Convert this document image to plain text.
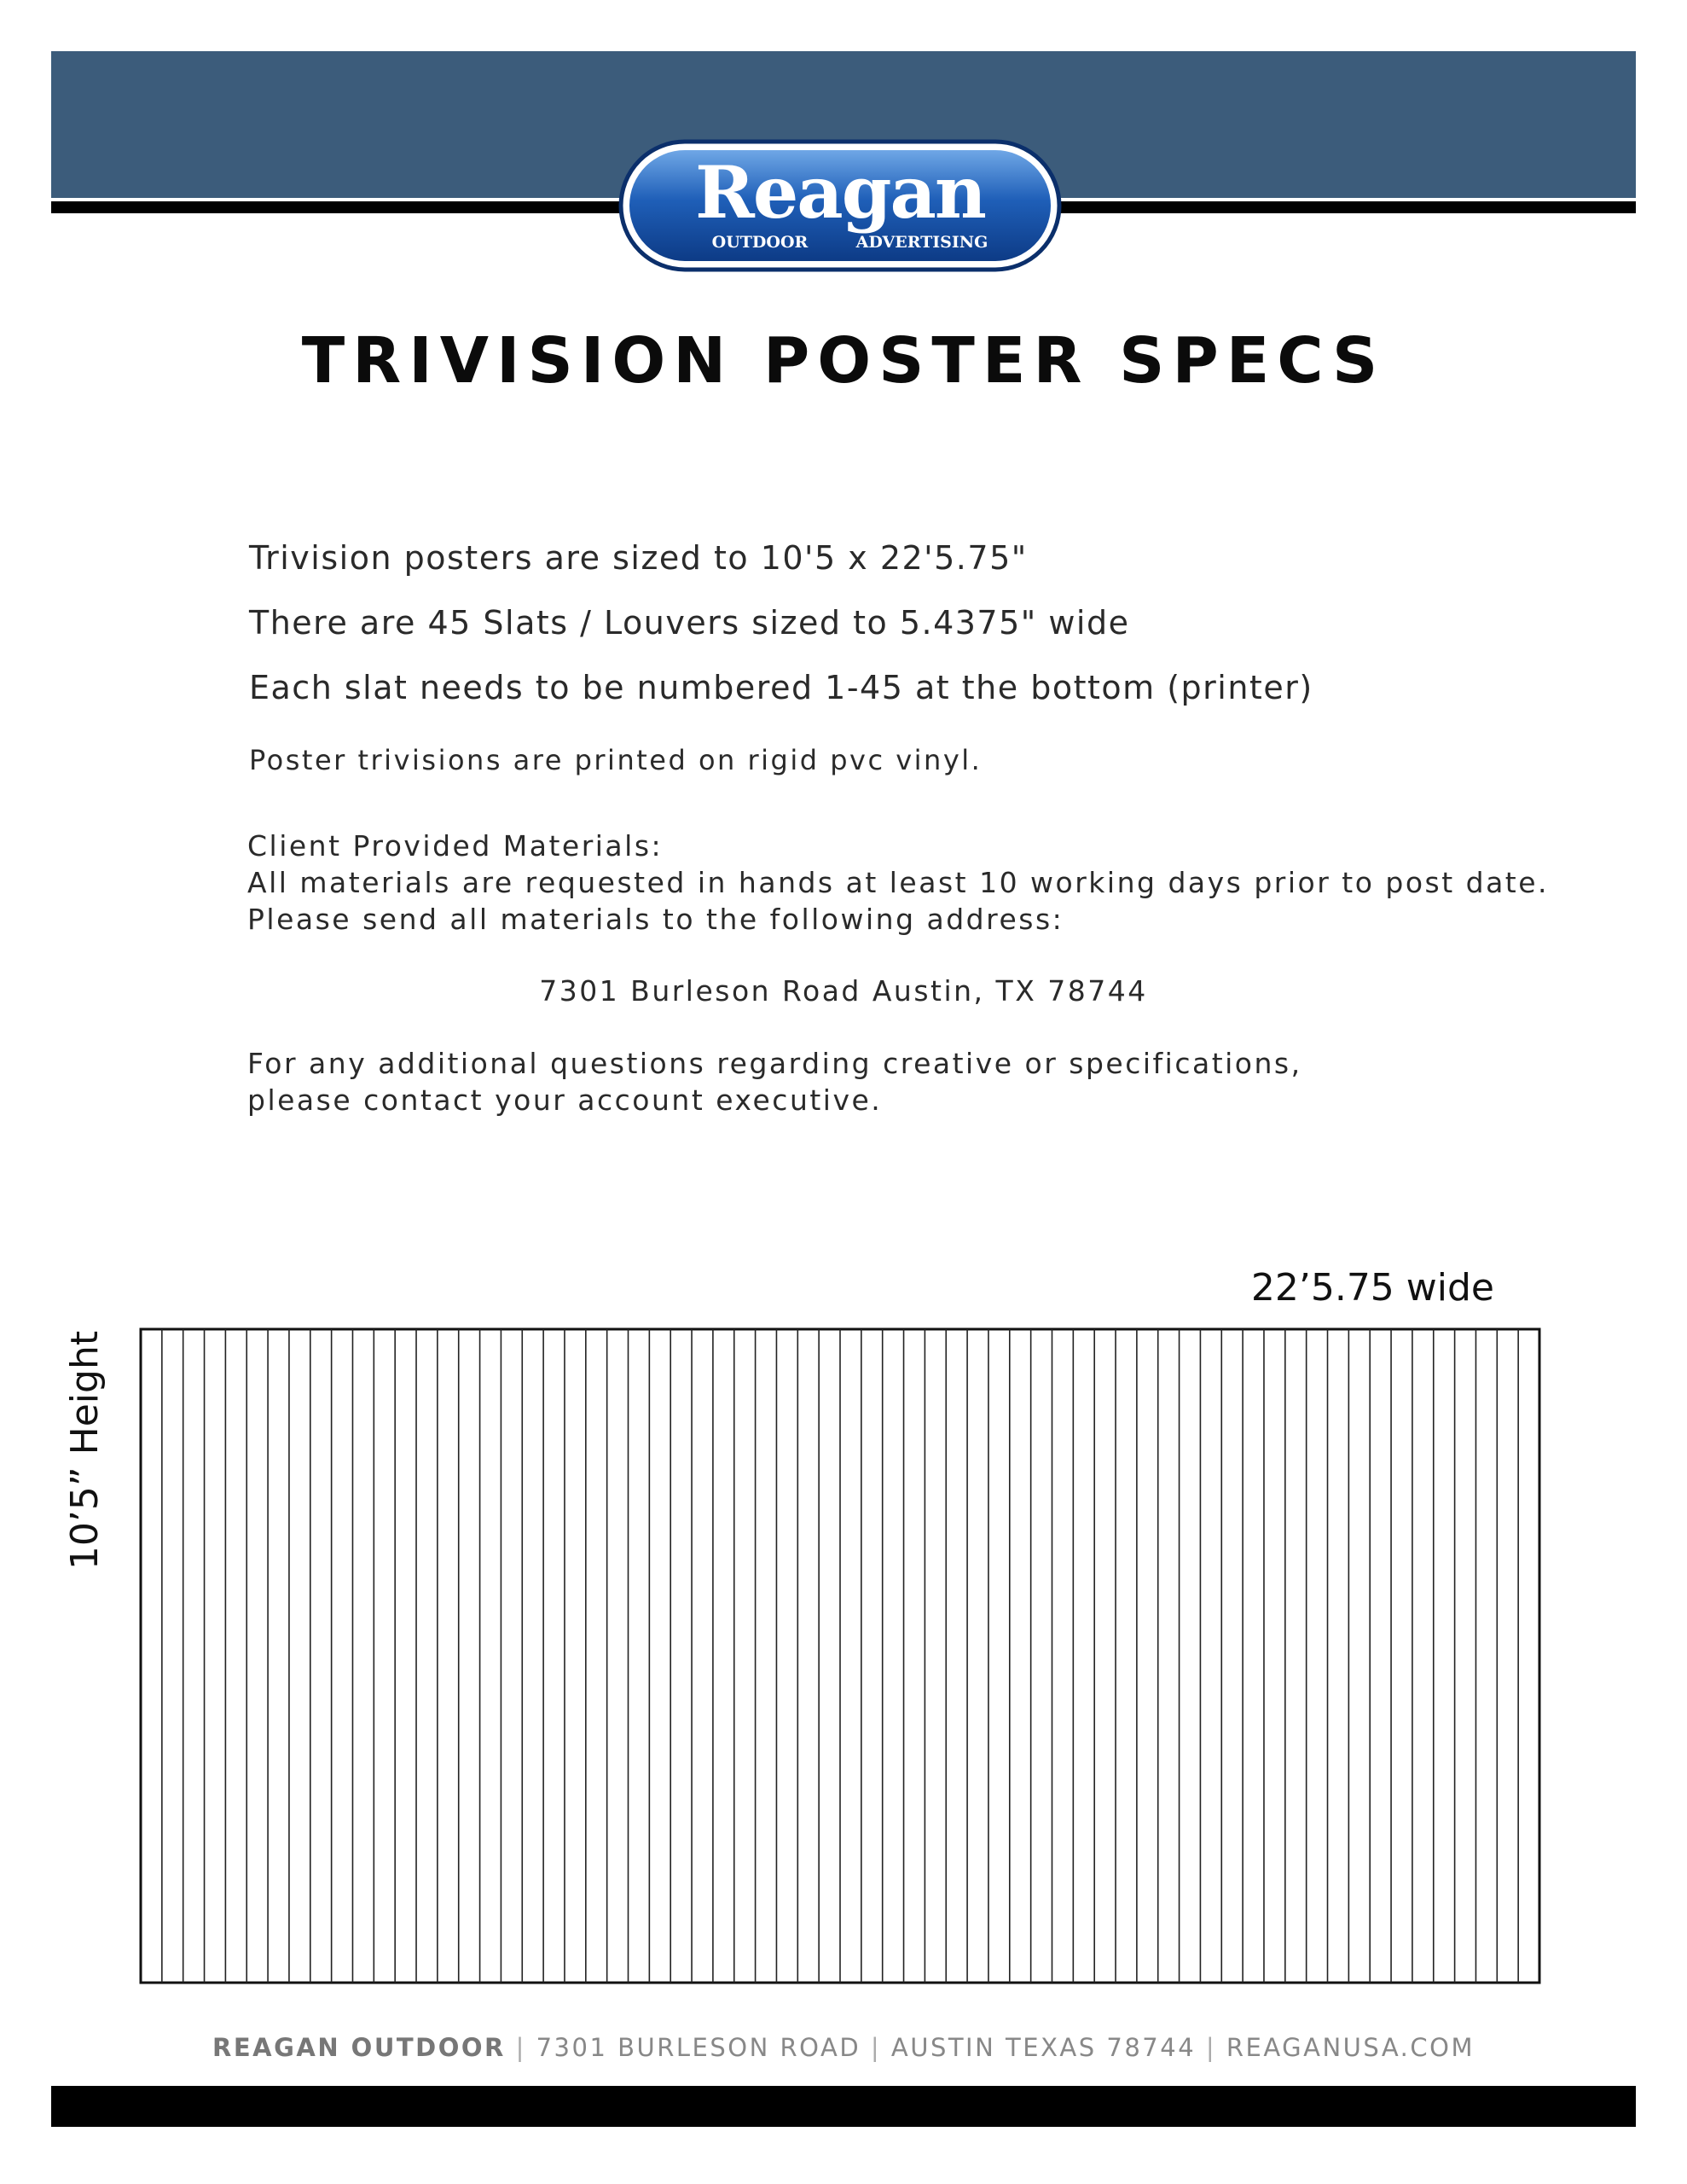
Reagan
OUTDOOR	ADVERTISING
TRIVISION POSTER SPECS

Trivision posters are sized to 10'5 x 22'5.75"

There are 45 Slats / Louvers sized to 5.4375" wide

Each slat needs to be numbered 1-45 at the bottom (printer)

Poster trivisions are printed on rigid pvc vinyl.

Client Provided Materials:
All materials are requested in hands at least 10 working days prior to post date.
Please send all materials to the following address:
7301 Burleson Road Austin, TX 78744
For any additional questions regarding creative or specifications,
please contact your account executive.
22’5.75 wide
10’5” Height
REAGAN OUTDOOR | 7301 BURLESON ROAD | AUSTIN TEXAS 78744 | REAGANUSA.COM
